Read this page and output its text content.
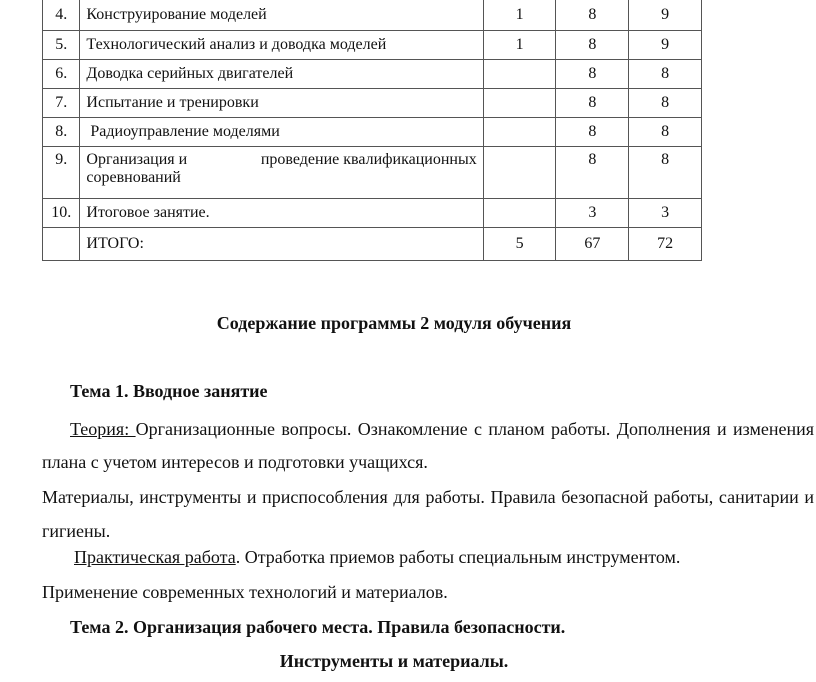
4.	Конструирование моделей	1	8	9
5.	Технологический анализ и доводка моделей	1	8	9
6.	Доводка серийных двигателей		8	8
7.	Испытание и тренировки		8	8
8.	Радиоуправление моделями		8	8
9.	Организация и проведение квалификационных
соревнований		8	8
10.	Итоговое занятие.		3	3
	ИТОГО:	5	67	72
Содержание программы 2 модуля обучения
Тема 1. Вводное занятие
Теория: Организационные вопросы. Ознакомление с планом работы. Дополнения и изменения плана с учетом интересов и подготовки учащихся.
Материалы, инструменты и приспособления для работы. Правила безопасной работы, санитарии и гигиены.
Практическая работа. Отработка приемов работы специальным инструментом.
Применение современных технологий и материалов.
Тема 2. Организация рабочего места. Правила безопасности.
Инструменты и материалы.
